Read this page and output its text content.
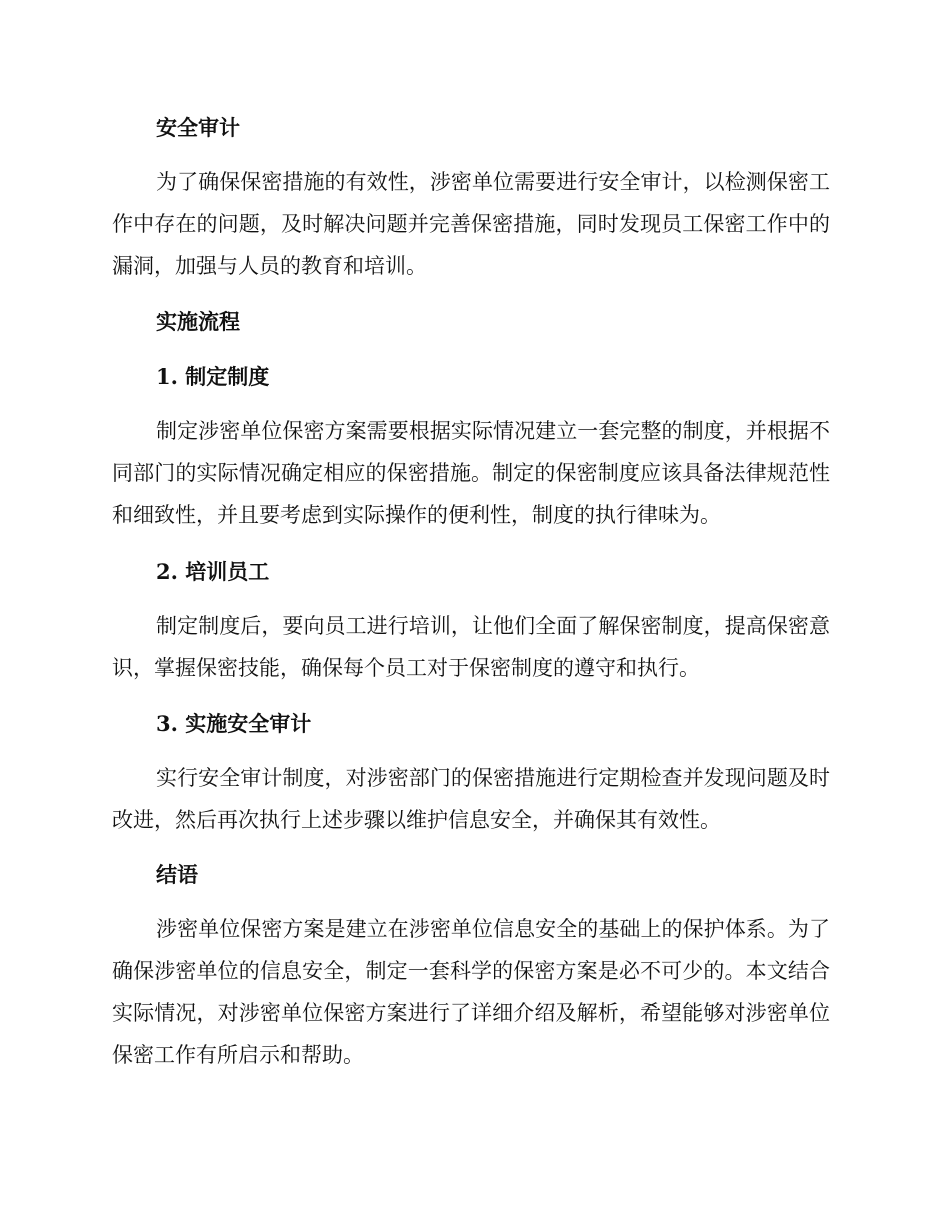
安全审计

为了确保保密措施的有效性，涉密单位需要进行安全审计，以检测保密工作中存在的问题，及时解决问题并完善保密措施，同时发现员工保密工作中的漏洞，加强与人员的教育和培训。

实施流程
1. 制定制度

制定涉密单位保密方案需要根据实际情况建立一套完整的制度，并根据不同部门的实际情况确定相应的保密措施。制定的保密制度应该具备法律规范性和细致性，并且要考虑到实际操作的便利性，制度的执行律味为。

2. 培训员工

制定制度后，要向员工进行培训，让他们全面了解保密制度，提高保密意识，掌握保密技能，确保每个员工对于保密制度的遵守和执行。

3. 实施安全审计

实行安全审计制度，对涉密部门的保密措施进行定期检查并发现问题及时改进，然后再次执行上述步骤以维护信息安全，并确保其有效性。

结语

涉密单位保密方案是建立在涉密单位信息安全的基础上的保护体系。为了确保涉密单位的信息安全，制定一套科学的保密方案是必不可少的。本文结合实际情况，对涉密单位保密方案进行了详细介绍及解析，希望能够对涉密单位保密工作有所启示和帮助。
